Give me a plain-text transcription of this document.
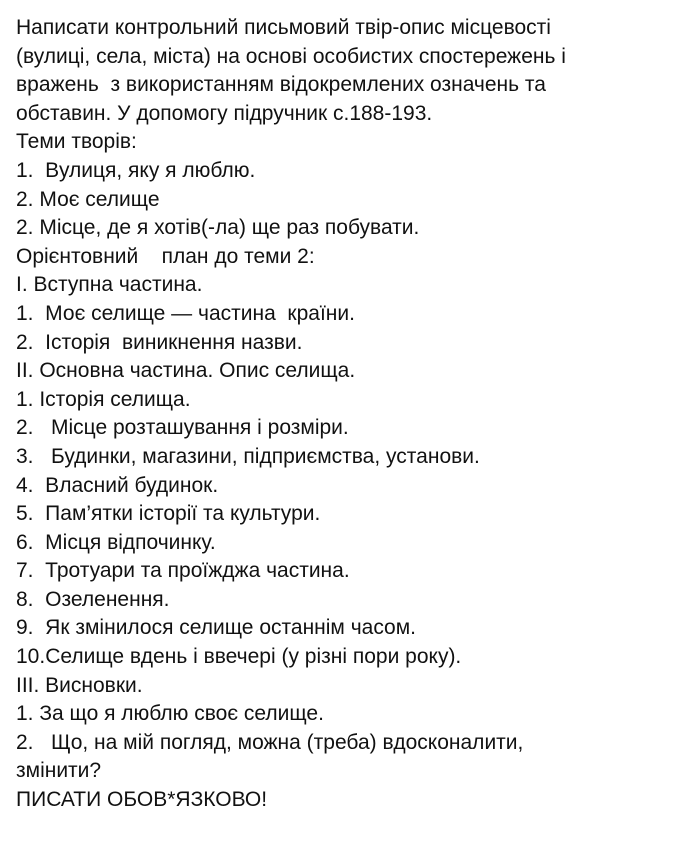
Написати контрольний письмовий твір-опис місцевості
(вулиці, села, міста) на основі особистих спостережень і
вражень  з використанням відокремлених означень та
обставин. У допомогу підручник с.188-193.
Теми творів:
1.  Вулиця, яку я люблю.
2. Моє селище
2. Місце, де я хотів(-ла) ще раз побувати.
Орієнтовний    план до теми 2:
I. Вступна частина.
1.  Моє селище — частина  країни.
2.  Історія  виникнення назви.
II. Основна частина. Опис селища.
1. Історія селища.
2.   Місце розташування і розміри.
3.   Будинки, магазини, підприємства, установи.
4.  Власний будинок.
5.  Пам’ятки історії та культури.
6.  Місця відпочинку.
7.  Тротуари та проїжджа частина.
8.  Озеленення.
9.  Як змінилося селище останнім часом.
10.Селище вдень і ввечері (у різні пори року).
III. Висновки.
1. За що я люблю своє селище.
2.   Що, на мій погляд, можна (треба) вдосконалити,
змінити?
ПИСАТИ ОБОВ*ЯЗКОВО!
